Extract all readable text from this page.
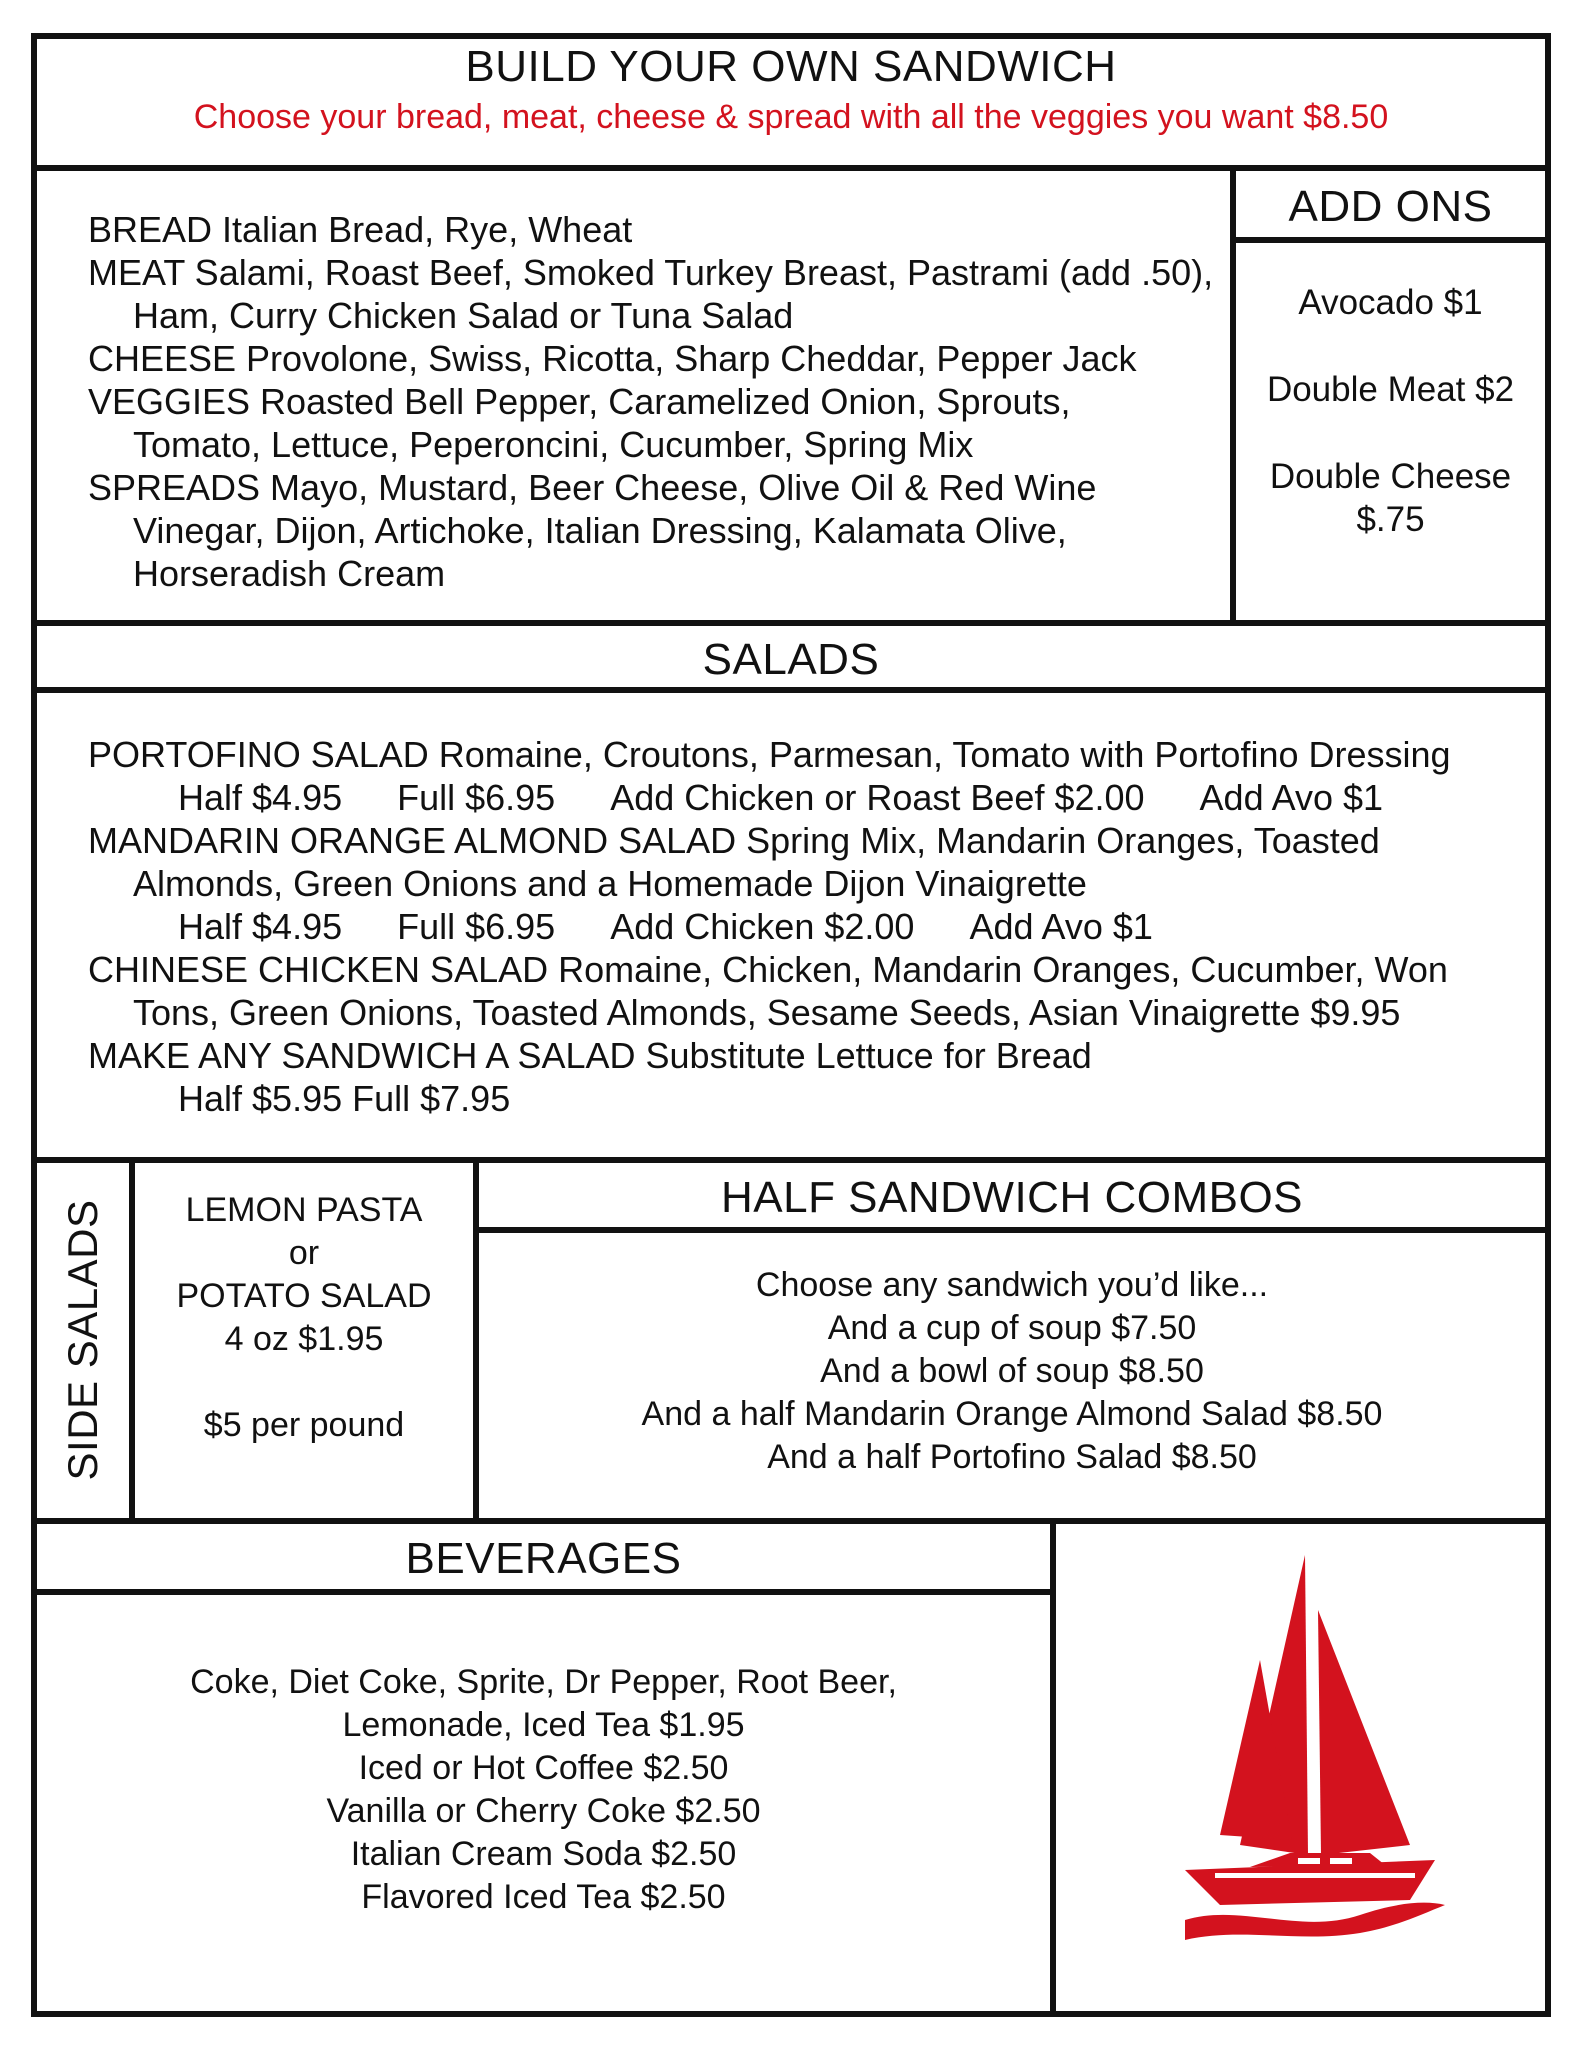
BUILD YOUR OWN SANDWICH
Choose your bread, meat, cheese & spread with all the veggies you want $8.50
BREAD Italian Bread, Rye, Wheat
MEAT Salami, Roast Beef, Smoked Turkey Breast, Pastrami (add .50),
Ham, Curry Chicken Salad or Tuna Salad
CHEESE Provolone, Swiss, Ricotta, Sharp Cheddar, Pepper Jack
VEGGIES Roasted Bell Pepper, Caramelized Onion, Sprouts,
Tomato, Lettuce, Peperoncini, Cucumber, Spring Mix
SPREADS Mayo, Mustard, Beer Cheese, Olive Oil & Red Wine
Vinegar, Dijon, Artichoke, Italian Dressing, Kalamata Olive,
Horseradish Cream
ADD ONS
Avocado $1
Double Meat $2
Double Cheese
$.75
SALADS
PORTOFINO SALAD Romaine, Croutons, Parmesan, Tomato with Portofino Dressing
Half $4.95 Full $6.95 Add Chicken or Roast Beef $2.00 Add Avo $1
MANDARIN ORANGE ALMOND SALAD Spring Mix, Mandarin Oranges, Toasted
Almonds, Green Onions and a Homemade Dijon Vinaigrette
Half $4.95 Full $6.95 Add Chicken $2.00 Add Avo $1
CHINESE CHICKEN SALAD Romaine, Chicken, Mandarin Oranges, Cucumber, Won
Tons, Green Onions, Toasted Almonds, Sesame Seeds, Asian Vinaigrette $9.95
MAKE ANY SANDWICH A SALAD Substitute Lettuce for Bread
Half $5.95 Full $7.95
SIDE SALADS	LEMON PASTA
or
POTATO SALAD
4 oz $1.95
$5 per pound
HALF SANDWICH COMBOS
Choose any sandwich you’d like...
And a cup of soup $7.50
And a bowl of soup $8.50
And a half Mandarin Orange Almond Salad $8.50
And a half Portofino Salad $8.50
BEVERAGES
Coke, Diet Coke, Sprite, Dr Pepper, Root Beer,
Lemonade, Iced Tea $1.95
Iced or Hot Coffee $2.50
Vanilla or Cherry Coke $2.50
Italian Cream Soda $2.50
Flavored Iced Tea $2.50
